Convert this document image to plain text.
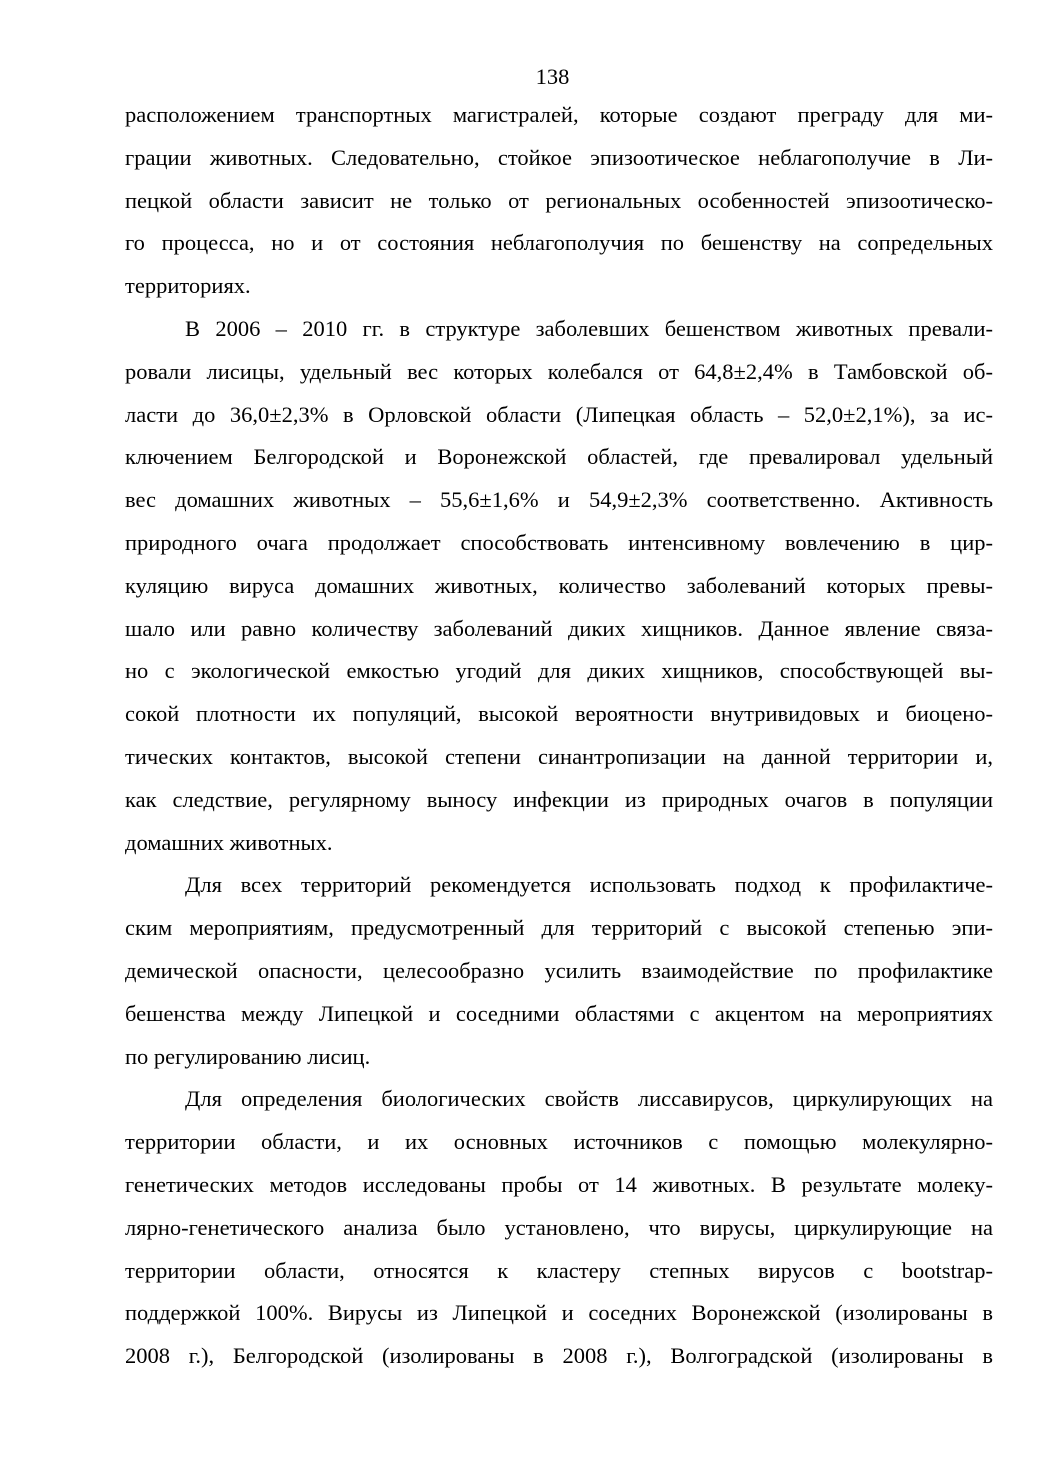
138
расположением транспортных магистралей, которые создают преграду для ми-
грации животных. Следовательно, стойкое эпизоотическое неблагополучие в Ли-
пецкой области зависит не только от региональных особенностей эпизоотическо-
го процесса, но и от состояния неблагополучия по бешенству на сопредельных
территориях.
В 2006 – 2010 гг. в структуре заболевших бешенством животных превали-
ровали лисицы, удельный вес которых колебался от 64,8±2,4% в Тамбовской об-
ласти до 36,0±2,3% в Орловской области (Липецкая область – 52,0±2,1%), за ис-
ключением Белгородской и Воронежской областей, где превалировал удельный
вес домашних животных – 55,6±1,6% и 54,9±2,3% соответственно. Активность
природного очага продолжает способствовать интенсивному вовлечению в цир-
куляцию вируса домашних животных, количество заболеваний которых превы-
шало или равно количеству заболеваний диких хищников. Данное явление связа-
но с экологической емкостью угодий для диких хищников, способствующей вы-
сокой плотности их популяций, высокой вероятности внутривидовых и биоцено-
тических контактов, высокой степени синантропизации на данной территории и,
как следствие, регулярному выносу инфекции из природных очагов в популяции
домашних животных.
Для всех территорий рекомендуется использовать подход к профилактиче-
ским мероприятиям, предусмотренный для территорий с высокой степенью эпи-
демической опасности, целесообразно усилить взаимодействие по профилактике
бешенства между Липецкой и соседними областями с акцентом на мероприятиях
по регулированию лисиц.
Для определения биологических свойств лиссавирусов, циркулирующих на
территории области, и их основных источников с помощью молекулярно-
генетических методов исследованы пробы от 14 животных. В результате молеку-
лярно-генетического анализа было установлено, что вирусы, циркулирующие на
территории области, относятся к кластеру степных вирусов с bootstrap-
поддержкой 100%. Вирусы из Липецкой и соседних Воронежской (изолированы в
2008 г.), Белгородской (изолированы в 2008 г.), Волгоградской (изолированы в
